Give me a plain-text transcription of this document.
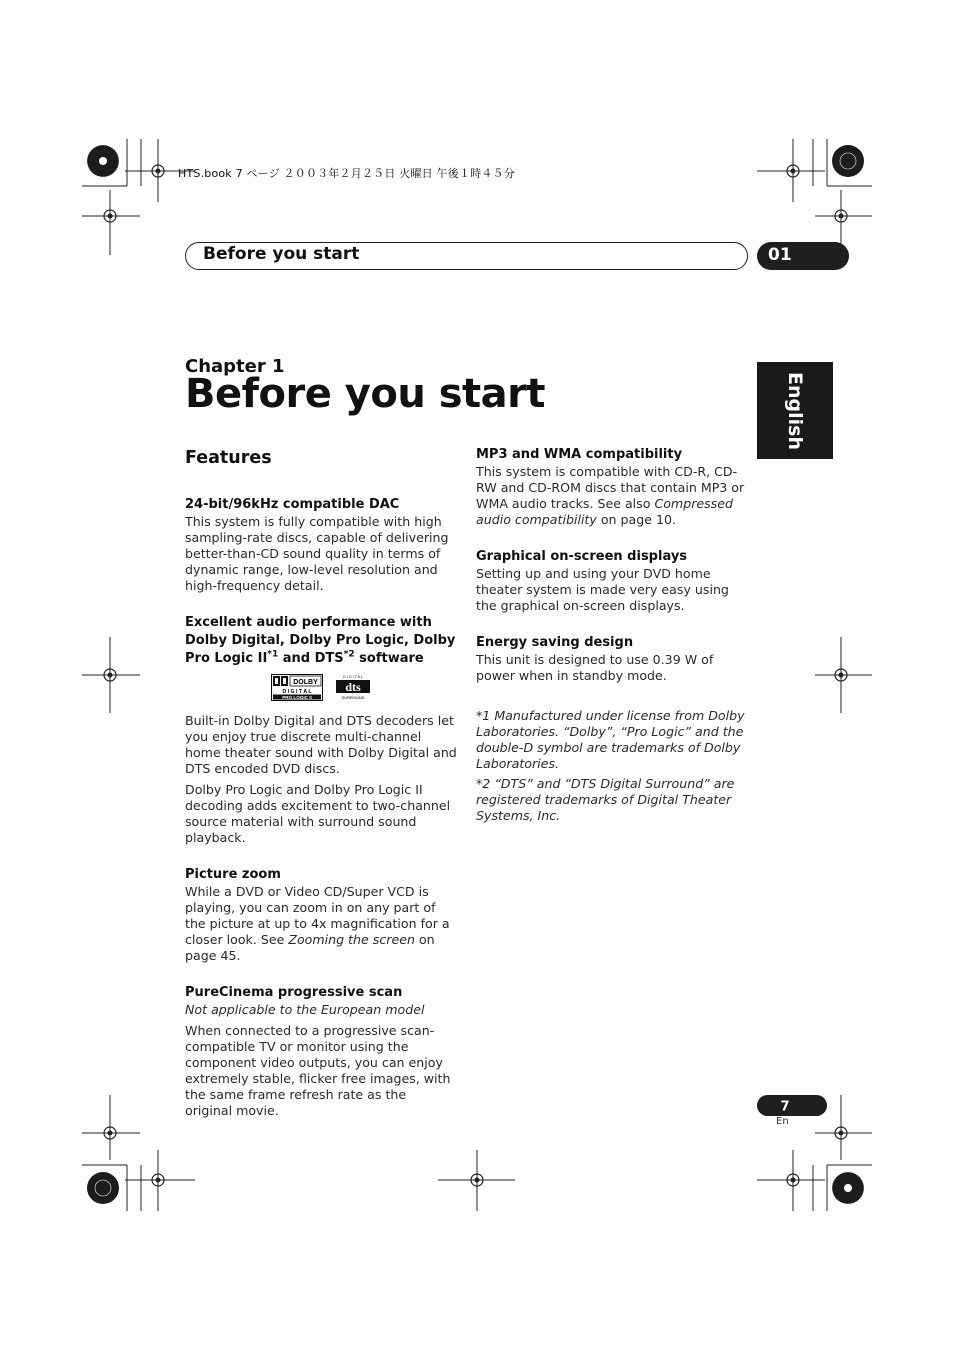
HTS.book 7 ページ ２００３年２月２５日 火曜日 午後１時４５分
Before you start	01
Chapter 1
Before you start	English
Features

24-bit/96kHz compatible DAC

This system is fully compatible with high sampling-rate discs, capable of delivering better-than-CD sound quality in terms of dynamic range, low-level resolution and high-frequency detail.

Excellent audio performance with Dolby Digital, Dolby Pro Logic, Dolby Pro Logic II$^{*1}$ and DTS$^{*2}$ software

DOLBY
D I G I T A L
PRO LOGIC II
D I G I T A L
dts
SURROUND

Built-in Dolby Digital and DTS decoders let you enjoy true discrete multi-channel home theater sound with Dolby Digital and DTS encoded DVD discs.

Dolby Pro Logic and Dolby Pro Logic II decoding adds excitement to two-channel source material with surround sound playback.

Picture zoom

While a DVD or Video CD/Super VCD is playing, you can zoom in on any part of the picture at up to 4x magnification for a closer look. See Zooming the screen on page 45.

PureCinema progressive scan

Not applicable to the European model

When connected to a progressive scan-compatible TV or monitor using the component video outputs, you can enjoy extremely stable, flicker free images, with the same frame refresh rate as the original movie.

MP3 and WMA compatibility

This system is compatible with CD-R, CD-RW and CD-ROM discs that contain MP3 or WMA audio tracks. See also Compressed audio compatibility on page 10.

Graphical on-screen displays

Setting up and using your DVD home theater system is made very easy using the graphical on-screen displays.

Energy saving design

This unit is designed to use 0.39 W of power when in standby mode.

*1 Manufactured under license from Dolby Laboratories. “Dolby”, “Pro Logic” and the double-D symbol are trademarks of Dolby Laboratories.

*2 “DTS” and “DTS Digital Surround” are registered trademarks of Digital Theater Systems, Inc.

7
En
